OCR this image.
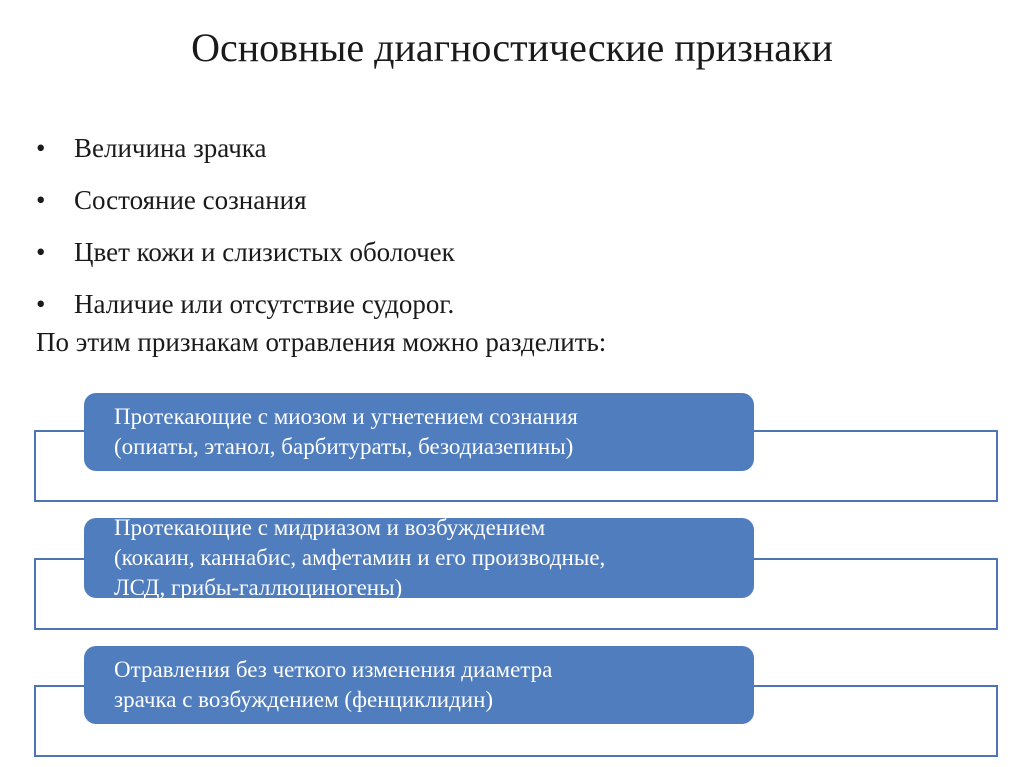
Основные диагностические признаки
• Величина зрачка
• Состояние сознания
• Цвет кожи и слизистых оболочек
• Наличие или отсутствие судорог.
По этим признакам отравления можно разделить:
Протекающие с миозом и угнетением сознания
(опиаты, этанол, барбитураты, безодиазепины)
Протекающие с мидриазом и возбуждением
(кокаин, каннабис, амфетамин и его производные,
ЛСД, грибы-галлюциногены)
Отравления без четкого изменения диаметра
зрачка с возбуждением (фенциклидин)
